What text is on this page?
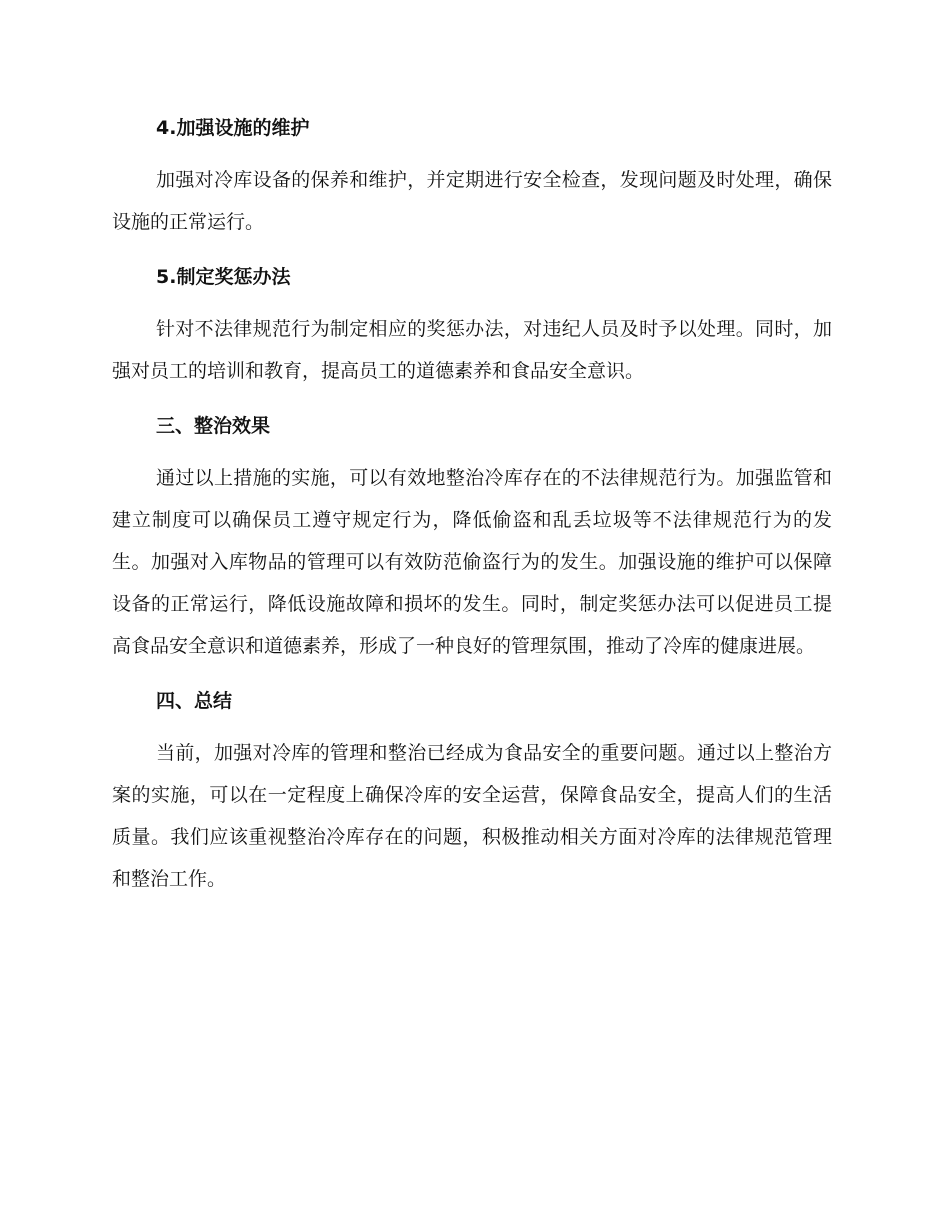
4.加强设施的维护

加强对冷库设备的保养和维护，并定期进行安全检查，发现问题及时处理，确保设施的正常运行。

5.制定奖惩办法

针对不法律规范行为制定相应的奖惩办法，对违纪人员及时予以处理。同时，加强对员工的培训和教育，提高员工的道德素养和食品安全意识。

三、整治效果

通过以上措施的实施，可以有效地整治冷库存在的不法律规范行为。加强监管和建立制度可以确保员工遵守规定行为，降低偷盗和乱丢垃圾等不法律规范行为的发生。加强对入库物品的管理可以有效防范偷盗行为的发生。加强设施的维护可以保障设备的正常运行，降低设施故障和损坏的发生。同时，制定奖惩办法可以促进员工提高食品安全意识和道德素养，形成了一种良好的管理氛围，推动了冷库的健康进展。

四、总结

当前，加强对冷库的管理和整治已经成为食品安全的重要问题。通过以上整治方案的实施，可以在一定程度上确保冷库的安全运营，保障食品安全，提高人们的生活质量。我们应该重视整治冷库存在的问题，积极推动相关方面对冷库的法律规范管理和整治工作。
